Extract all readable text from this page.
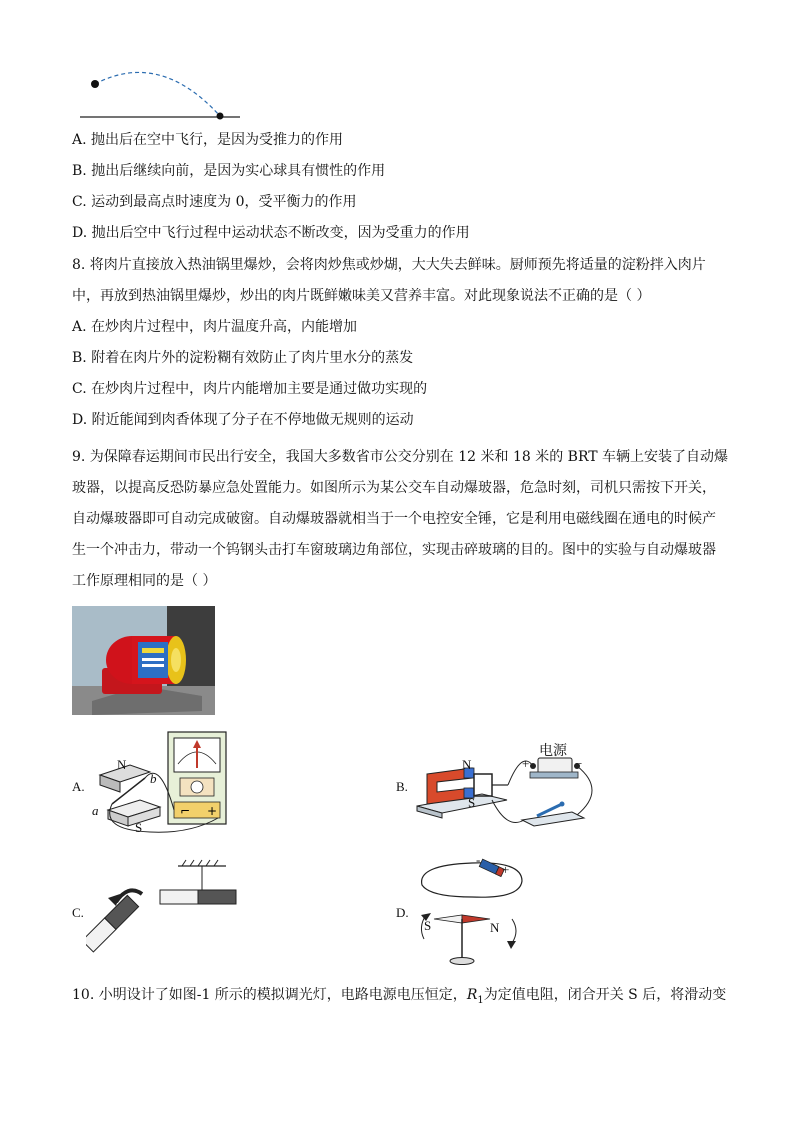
A. 抛出后在空中飞行，是因为受推力的作用
B. 抛出后继续向前，是因为实心球具有惯性的作用
C. 运动到最高点时速度为 0，受平衡力的作用
D. 抛出后空中飞行过程中运动状态不断改变，因为受重力的作用
8. 将肉片直接放入热油锅里爆炒，会将肉炒焦或炒煳，大大失去鲜味。厨师预先将适量的淀粉拌入肉片
中，再放到热油锅里爆炒，炒出的肉片既鲜嫩味美又营养丰富。对此现象说法不正确的是（ ）
A. 在炒肉片过程中，肉片温度升高，内能增加
B. 附着在肉片外的淀粉糊有效防止了肉片里水分的蒸发
C. 在炒肉片过程中，肉片内能增加主要是通过做功实现的
D. 附近能闻到肉香体现了分子在不停地做无规则的运动
9. 为保障春运期间市民出行安全，我国大多数省市公交分别在 12 米和 18 米的 BRT 车辆上安装了自动爆
玻器，以提高反恐防暴应急处置能力。如图所示为某公交车自动爆玻器，危急时刻，司机只需按下开关，
自动爆玻器即可自动完成破窗。自动爆玻器就相当于一个电控安全锤，它是利用电磁线圈在通电的时候产
生一个冲击力，带动一个钨钢头击打车窗玻璃边角部位，实现击碎玻璃的目的。图中的实验与自动爆玻器
工作原理相同的是（ ）
A.
⌐ +
N
b
a
S
B.
电源
+	−
N
S
C.	D.
S	N
-
+
10. 小明设计了如图-1 所示的模拟调光灯，电路电源电压恒定，$R_1$为定值电阻，闭合开关 S 后，将滑动变
